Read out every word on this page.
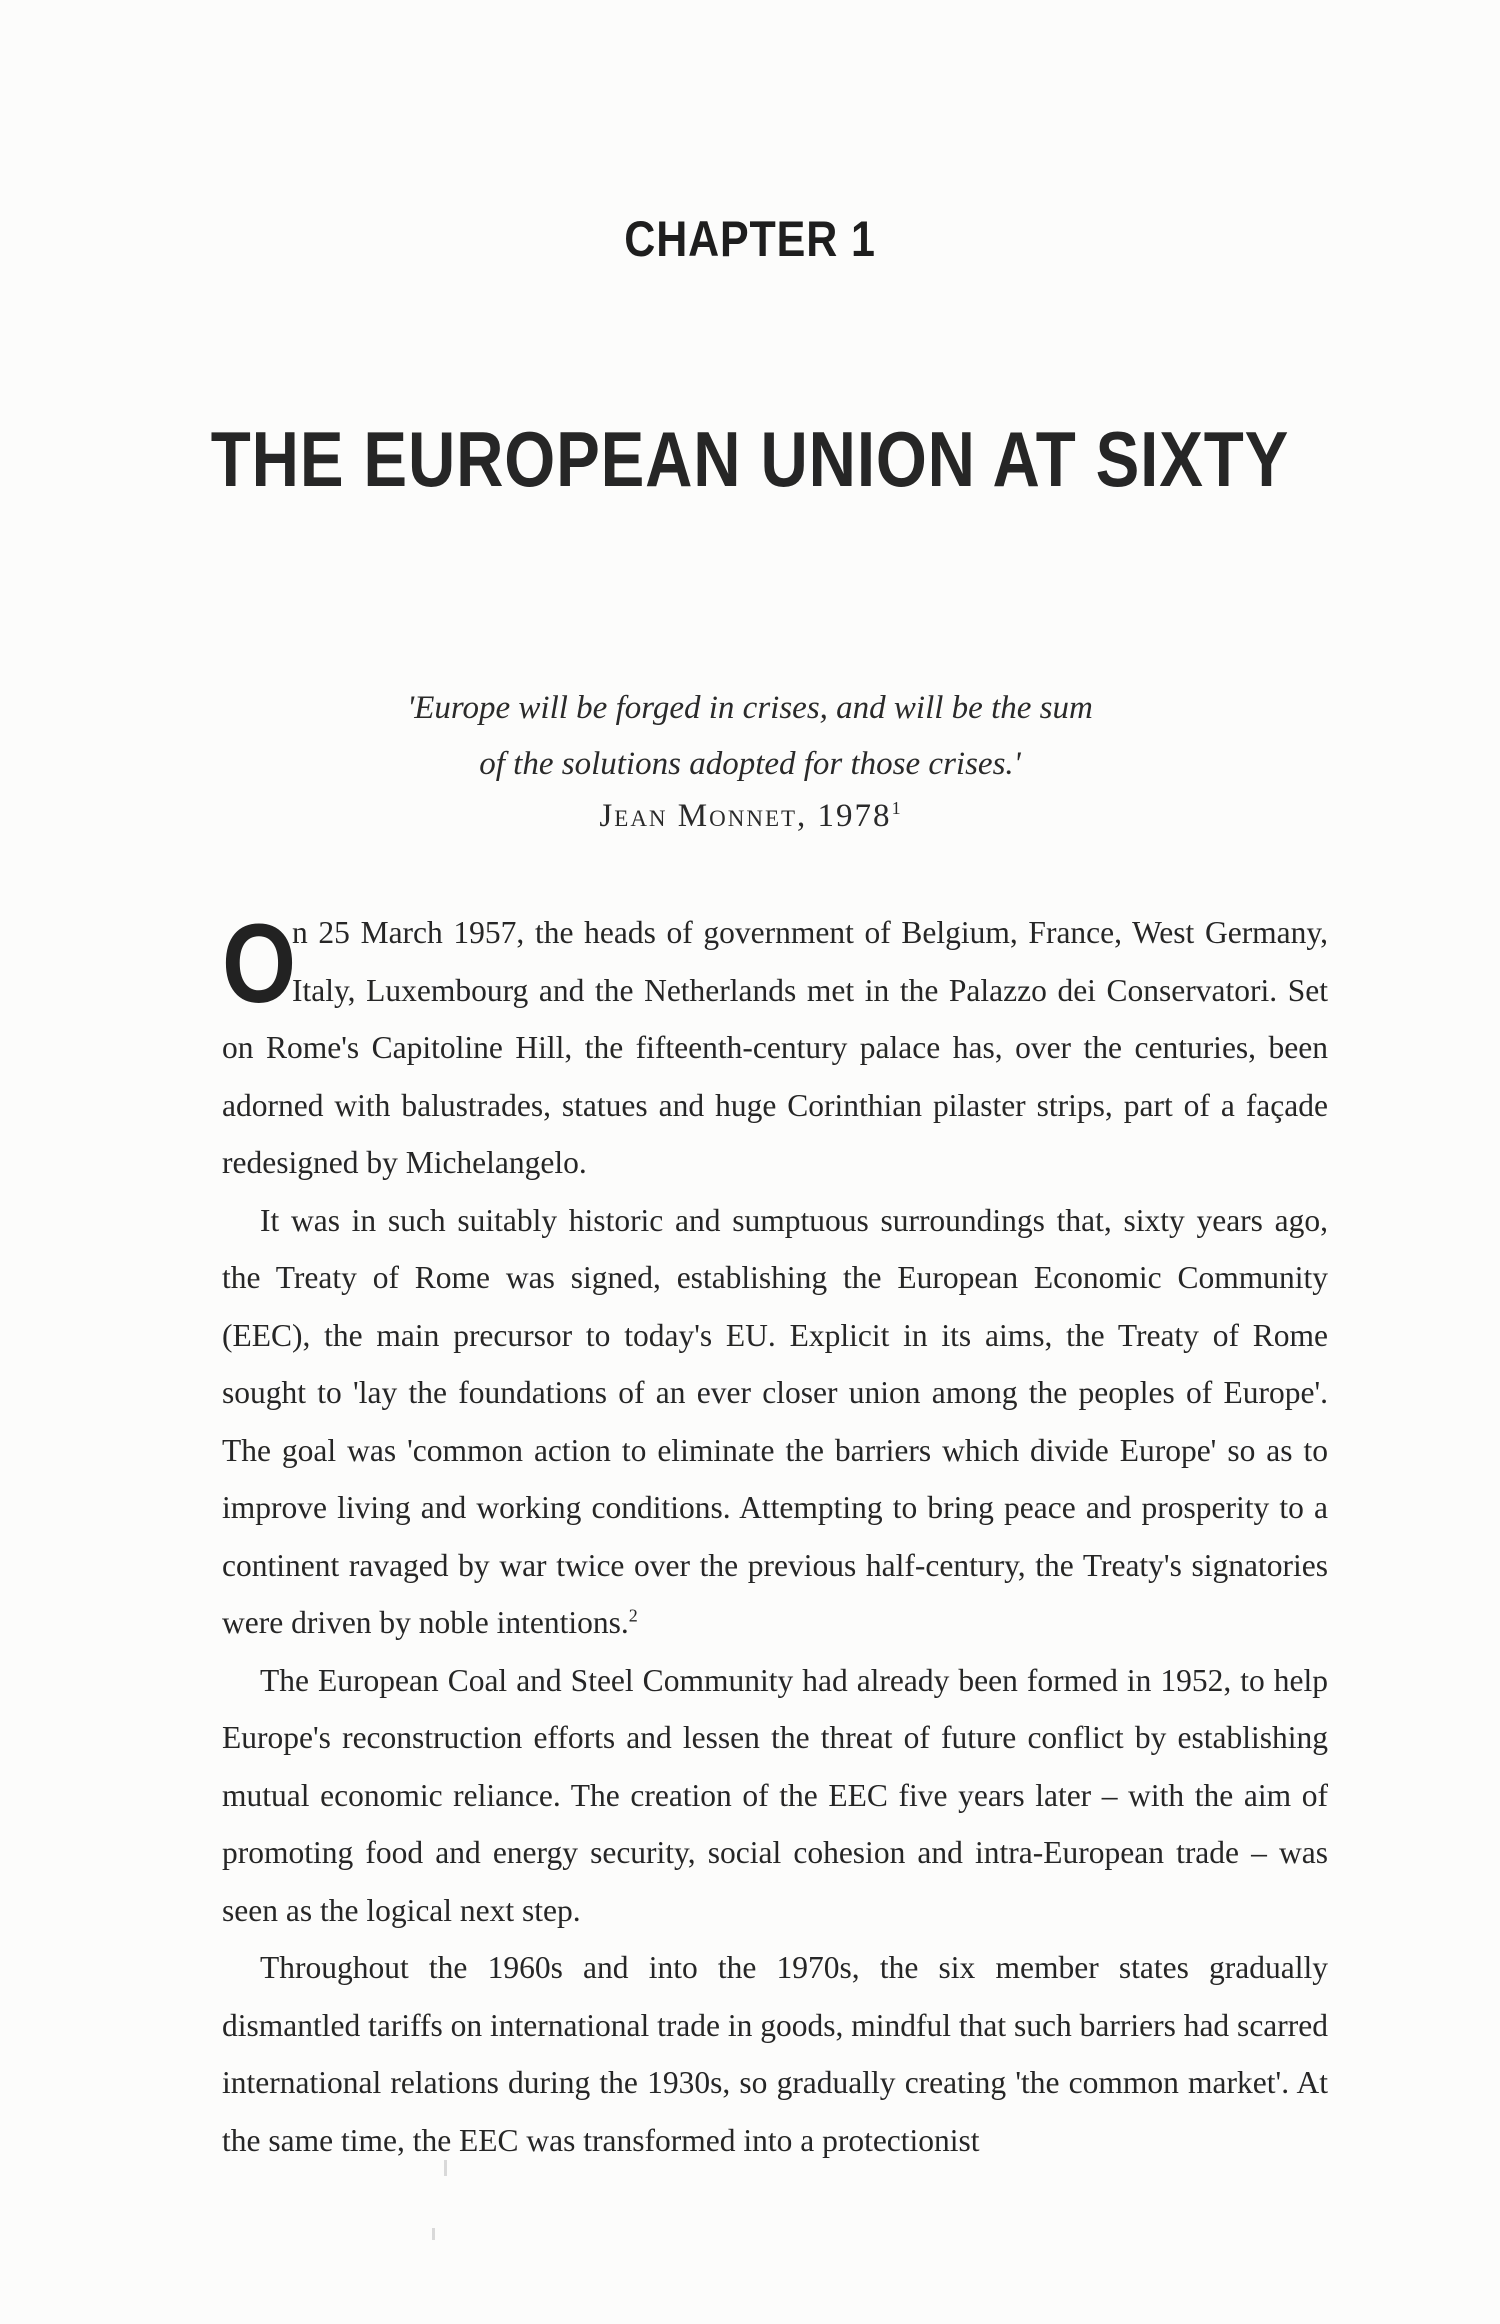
CHAPTER 1
THE EUROPEAN UNION AT SIXTY

'Europe will be forged in crises, and will be the sum
of the solutions adopted for those crises.'

Jean Monnet, 1978$^1$

O
n 25 March 1957, the heads of government of Belgium, France, West Germany, Italy, Luxembourg and the Netherlands met in the Palazzo dei Conservatori. Set on Rome's Capitoline Hill, the fifteenth-century palace has, over the centuries, been adorned with balustrades, statues and huge Corinthian pilaster strips, part of a façade redesigned by Michelangelo.

It was in such suitably historic and sumptuous surroundings that, sixty years ago, the Treaty of Rome was signed, establishing the European Economic Community (EEC), the main precursor to today's EU. Explicit in its aims, the Treaty of Rome sought to 'lay the foundations of an ever closer union among the peoples of Europe'. The goal was 'common action to eliminate the barriers which divide Europe' so as to improve living and working conditions. Attempting to bring peace and prosperity to a continent ravaged by war twice over the previous half-century, the Treaty's signatories were driven by noble intentions.$^2$

The European Coal and Steel Community had already been formed in 1952, to help Europe's reconstruction efforts and lessen the threat of future conflict by establishing mutual economic reliance. The creation of the EEC five years later – with the aim of promoting food and energy security, social cohesion and intra-European trade – was seen as the logical next step.

Throughout the 1960s and into the 1970s, the six member states gradually dismantled tariffs on international trade in goods, mindful that such barriers had scarred international relations during the 1930s, so gradually creating 'the common market'. At the same time, the EEC was transformed into a protectionist
